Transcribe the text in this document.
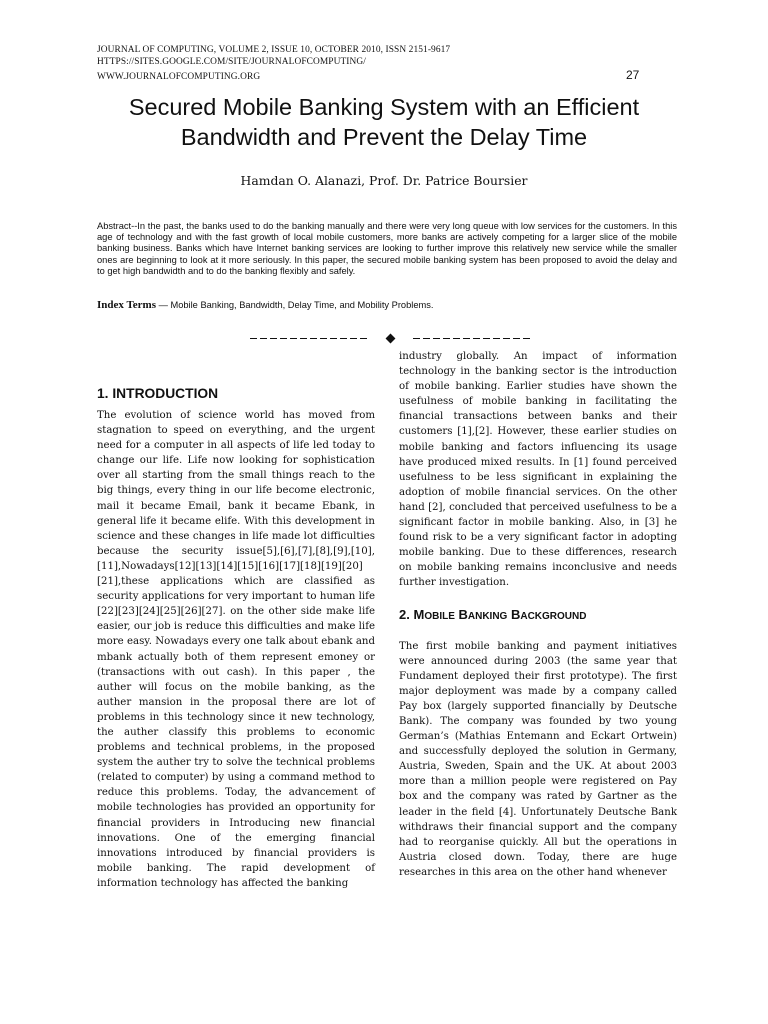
JOURNAL OF COMPUTING, VOLUME 2, ISSUE 10, OCTOBER 2010, ISSN 2151-9617
HTTPS://SITES.GOOGLE.COM/SITE/JOURNALOFCOMPUTING/
WWW.JOURNALOFCOMPUTING.ORG	27
Secured Mobile Banking System with an Efficient
Bandwidth and Prevent the Delay Time
Hamdan O. Alanazi, Prof. Dr. Patrice Boursier
Abstract--In the past, the banks used to do the banking manually and there were very long queue with low services for the customers. In this age of technology and with the fast growth of local mobile customers, more banks are actively competing for a larger slice of the mobile banking business. Banks which have Internet banking services are looking to further improve this relatively new service while the smaller ones are beginning to look at it more seriously. In this paper, the secured mobile banking system has been proposed to avoid the delay and to get high bandwidth and to do the banking flexibly and safely.
Index Terms — Mobile Banking, Bandwidth, Delay Time, and Mobility Problems.
1. INTRODUCTION

The evolution of science world has moved from stagnation to speed on everything, and the urgent need for a computer in all aspects of life led today to change our life. Life now looking for sophistication over all starting from the small things reach to the big things, every thing in our life become electronic, mail it became Email, bank it became Ebank, in general life it became elife. With this development in science and these changes in life made lot difficulties because the security issue[5],[6],[7],[8],[9],[10],[11],Nowadays[12][13][14][15][16][17][18][19][20][21],these applications which are classified as security applications for very important to human life [22][23][24][25][26][27]. on the other side make life easier, our job is reduce this difficulties and make life more easy. Nowadays every one talk about ebank and mbank actually both of them represent emoney or (transactions with out cash). In this paper , the auther will focus on the mobile banking, as the auther mansion in the proposal there are lot of problems in this technology since it new technology, the auther classify this problems to economic problems and technical problems, in the proposed system the auther try to solve the technical problems (related to computer) by using a command method to reduce this problems. Today, the advancement of mobile technologies has provided an opportunity for financial providers in Introducing new financial innovations. One of the emerging financial innovations introduced by financial providers is mobile banking. The rapid development of information technology has affected the banking

industry globally. An impact of information technology in the banking sector is the introduction of mobile banking. Earlier studies have shown the usefulness of mobile banking in facilitating the financial transactions between banks and their customers [1],[2]. However, these earlier studies on mobile banking and factors influencing its usage have produced mixed results. In [1] found perceived usefulness to be less significant in explaining the adoption of mobile financial services. On the other hand [2], concluded that perceived usefulness to be a significant factor in mobile banking. Also, in [3] he found risk to be a very significant factor in adopting mobile banking. Due to these differences, research on mobile banking remains inconclusive and needs further investigation.

2. MOBILE BANKING BACKGROUND

The first mobile banking and payment initiatives were announced during 2003 (the same year that Fundament deployed their first prototype). The first major deployment was made by a company called Pay box (largely supported financially by Deutsche Bank). The company was founded by two young German’s (Mathias Entemann and Eckart Ortwein) and successfully deployed the solution in Germany, Austria, Sweden, Spain and the UK. At about 2003 more than a million people were registered on Pay box and the company was rated by Gartner as the leader in the field [4]. Unfortunately Deutsche Bank withdraws their financial support and the company had to reorganise quickly. All but the operations in Austria closed down. Today, there are huge researches in this area on the other hand whenever
